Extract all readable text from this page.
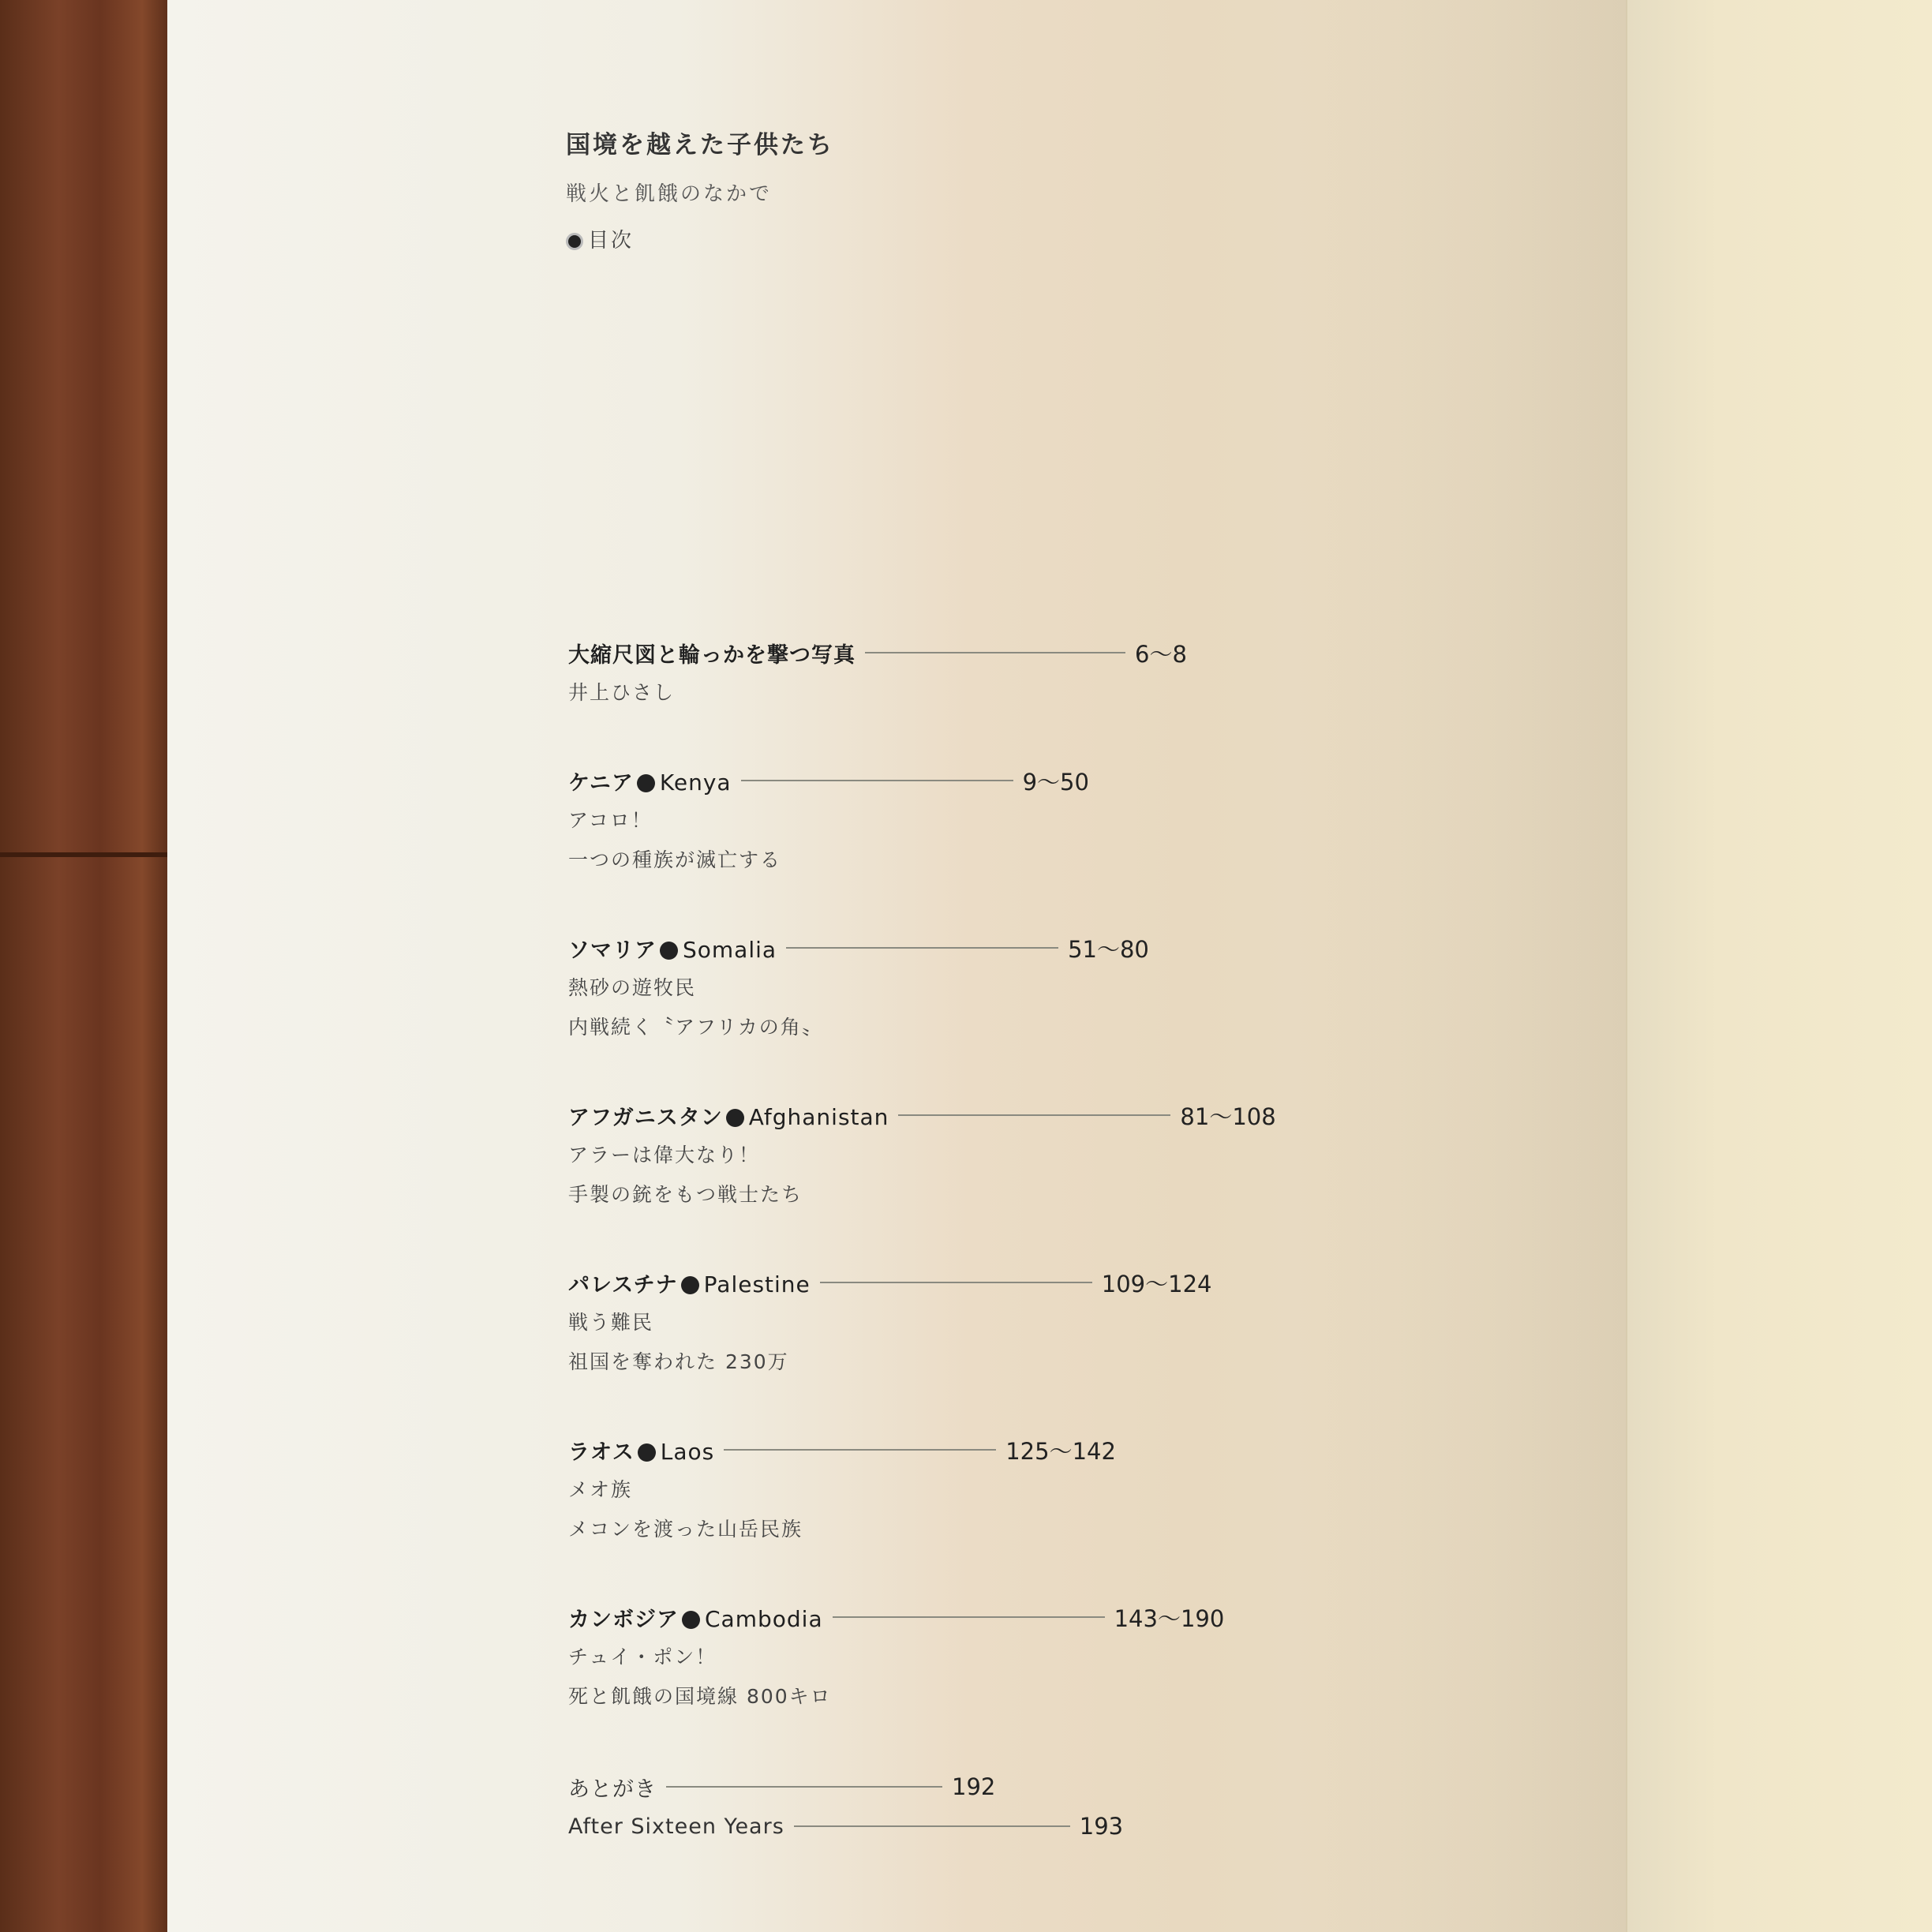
国境を越えた子供たち
戦火と飢餓のなかで
目次
大縮尺図と輪っかを撃つ写真	6～8
井上ひさし
ケニア Kenya	9～50
アコロ！
一つの種族が滅亡する
ソマリア Somalia	51～80
熱砂の遊牧民
内戦続く〝アフリカの角〟
アフガニスタン Afghanistan	81～108
アラーは偉大なり！
手製の銃をもつ戦士たち
パレスチナ Palestine	109～124
戦う難民
祖国を奪われた 230万
ラオス Laos	125～142
メオ族
メコンを渡った山岳民族
カンボジア Cambodia	143～190
チュイ・ポン！
死と飢餓の国境線 800キロ
あとがき	192
After Sixteen Years	193
